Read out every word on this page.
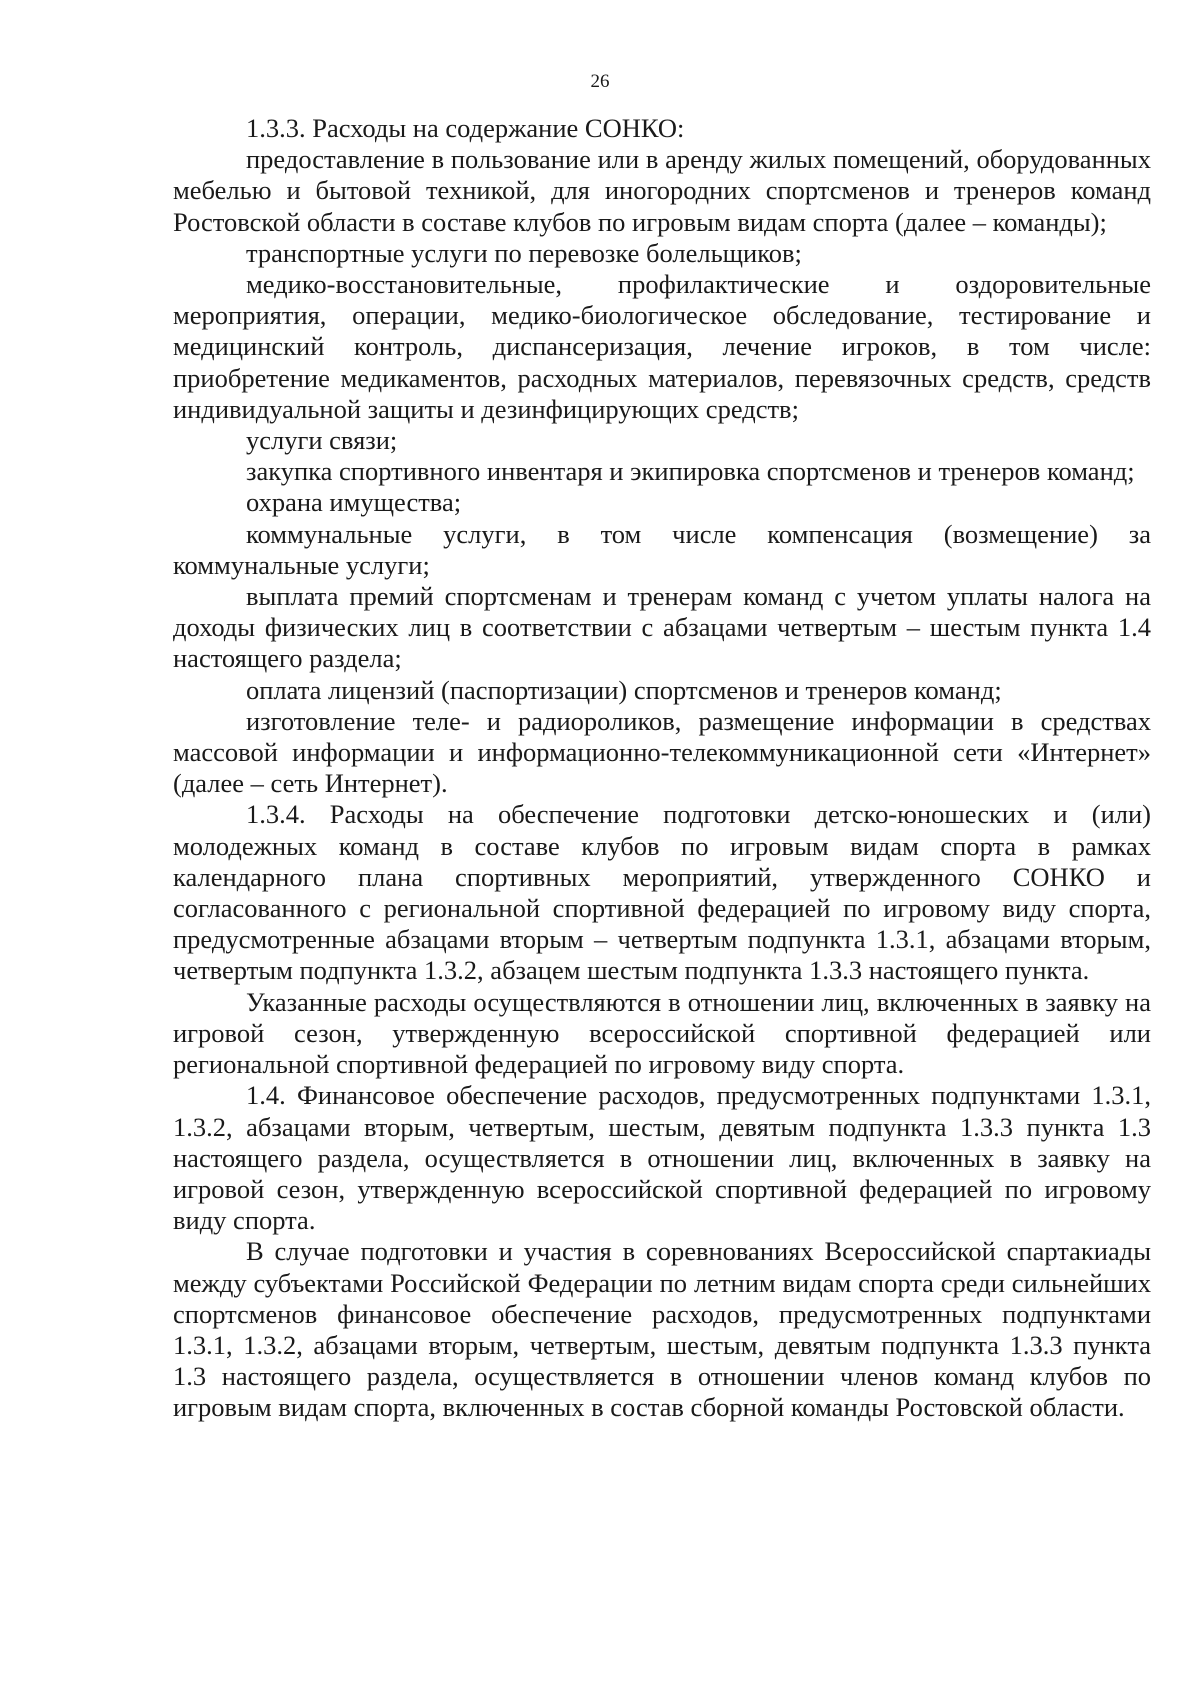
26

1.3.3. Расходы на содержание СОНКО:

предоставление в пользование или в аренду жилых помещений, оборудованных мебелью и бытовой техникой, для иногородних спортсменов и тренеров команд Ростовской области в составе клубов по игровым видам спорта (далее – команды);

транспортные услуги по перевозке болельщиков;

медико-восстановительные, профилактические и оздоровительные мероприятия, операции, медико-биологическое обследование, тестирование и медицинский контроль, диспансеризация, лечение игроков, в том числе: приобретение медикаментов, расходных материалов, перевязочных средств, средств индивидуальной защиты и дезинфицирующих средств;

услуги связи;

закупка спортивного инвентаря и экипировка спортсменов и тренеров команд;

охрана имущества;

коммунальные услуги, в том числе компенсация (возмещение) за коммунальные услуги;

выплата премий спортсменам и тренерам команд с учетом уплаты налога на доходы физических лиц в соответствии с абзацами четвертым – шестым пункта 1.4 настоящего раздела;

оплата лицензий (паспортизации) спортсменов и тренеров команд;

изготовление теле- и радиороликов, размещение информации в средствах массовой информации и информационно-телекоммуникационной сети «Интернет» (далее – сеть Интернет).

1.3.4. Расходы на обеспечение подготовки детско-юношеских и (или) молодежных команд в составе клубов по игровым видам спорта в рамках календарного плана спортивных мероприятий, утвержденного СОНКО и согласованного с региональной спортивной федерацией по игровому виду спорта, предусмотренные абзацами вторым – четвертым подпункта 1.3.1, абзацами вторым, четвертым подпункта 1.3.2, абзацем шестым подпункта 1.3.3 настоящего пункта.

Указанные расходы осуществляются в отношении лиц, включенных в заявку на игровой сезон, утвержденную всероссийской спортивной федерацией или региональной спортивной федерацией по игровому виду спорта.

1.4. Финансовое обеспечение расходов, предусмотренных подпунктами 1.3.1, 1.3.2, абзацами вторым, четвертым, шестым, девятым подпункта 1.3.3 пункта 1.3 настоящего раздела, осуществляется в отношении лиц, включенных в заявку на игровой сезон, утвержденную всероссийской спортивной федерацией по игровому виду спорта.

В случае подготовки и участия в соревнованиях Всероссийской спартакиады между субъектами Российской Федерации по летним видам спорта среди сильнейших спортсменов финансовое обеспечение расходов, предусмотренных подпунктами 1.3.1, 1.3.2, абзацами вторым, четвертым, шестым, девятым подпункта 1.3.3 пункта 1.3 настоящего раздела, осуществляется в отношении членов команд клубов по игровым видам спорта, включенных в состав сборной команды Ростовской области.
